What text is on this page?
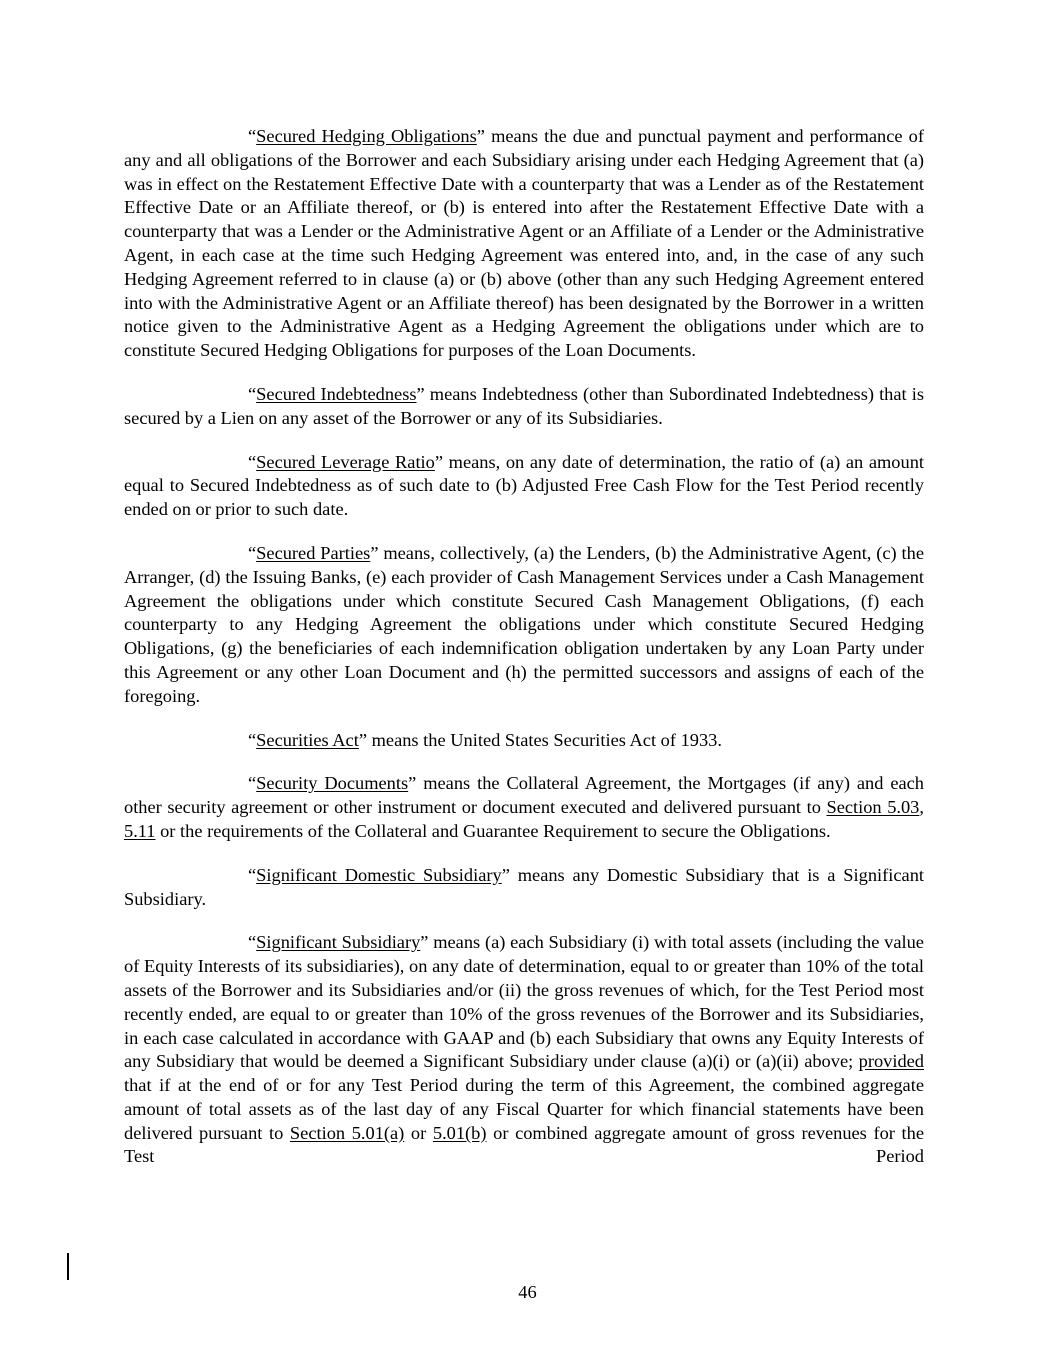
“Secured Hedging Obligations” means the due and punctual payment and performance of any and all obligations of the Borrower and each Subsidiary arising under each Hedging Agreement that (a) was in effect on the Restatement Effective Date with a counterparty that was a Lender as of the Restatement Effective Date or an Affiliate thereof, or (b) is entered into after the Restatement Effective Date with a counterparty that was a Lender or the Administrative Agent or an Affiliate of a Lender or the Administrative Agent, in each case at the time such Hedging Agreement was entered into, and, in the case of any such Hedging Agreement referred to in clause (a) or (b) above (other than any such Hedging Agreement entered into with the Administrative Agent or an Affiliate thereof) has been designated by the Borrower in a written notice given to the Administrative Agent as a Hedging Agreement the obligations under which are to constitute Secured Hedging Obligations for purposes of the Loan Documents.

“Secured Indebtedness” means Indebtedness (other than Subordinated Indebtedness) that is secured by a Lien on any asset of the Borrower or any of its Subsidiaries.

“Secured Leverage Ratio” means, on any date of determination, the ratio of (a) an amount equal to Secured Indebtedness as of such date to (b) Adjusted Free Cash Flow for the Test Period recently ended on or prior to such date.

“Secured Parties” means, collectively, (a) the Lenders, (b) the Administrative Agent, (c) the Arranger, (d) the Issuing Banks, (e) each provider of Cash Management Services under a Cash Management Agreement the obligations under which constitute Secured Cash Management Obligations, (f) each counterparty to any Hedging Agreement the obligations under which constitute Secured Hedging Obligations, (g) the beneficiaries of each indemnification obligation undertaken by any Loan Party under this Agreement or any other Loan Document and (h) the permitted successors and assigns of each of the foregoing.

“Securities Act” means the United States Securities Act of 1933.

“Security Documents” means the Collateral Agreement, the Mortgages (if any) and each other security agreement or other instrument or document executed and delivered pursuant to Section 5.03, 5.11 or the requirements of the Collateral and Guarantee Requirement to secure the Obligations.

“Significant Domestic Subsidiary” means any Domestic Subsidiary that is a Significant Subsidiary.

“Significant Subsidiary” means (a) each Subsidiary (i) with total assets (including the value of Equity Interests of its subsidiaries), on any date of determination, equal to or greater than 10% of the total assets of the Borrower and its Subsidiaries and/or (ii) the gross revenues of which, for the Test Period most recently ended, are equal to or greater than 10% of the gross revenues of the Borrower and its Subsidiaries, in each case calculated in accordance with GAAP and (b) each Subsidiary that owns any Equity Interests of any Subsidiary that would be deemed a Significant Subsidiary under clause (a)(i) or (a)(ii) above; provided that if at the end of or for any Test Period during the term of this Agreement, the combined aggregate amount of total assets as of the last day of any Fiscal Quarter for which financial statements have been delivered pursuant to Section 5.01(a) or 5.01(b) or combined aggregate amount of gross revenues for the Test Period

46
